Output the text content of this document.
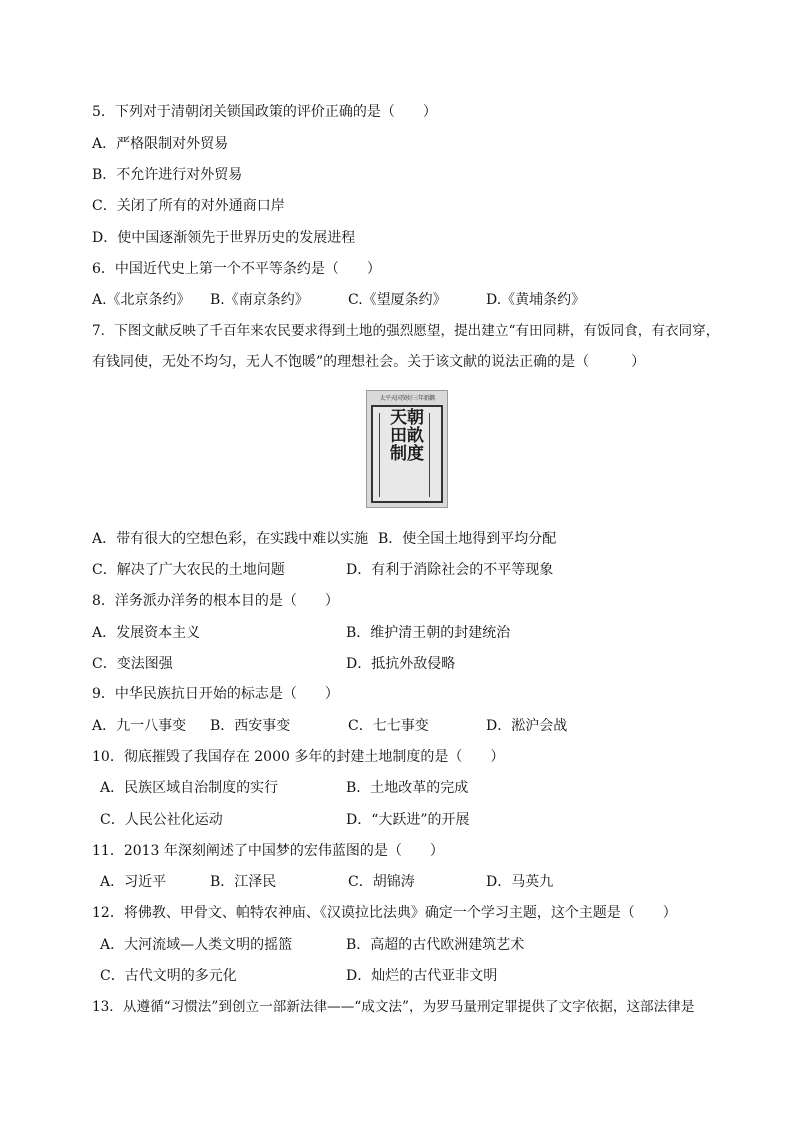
5．下列对于清朝闭关锁国政策的评价正确的是（　　）
A．严格限制对外贸易
B．不允许进行对外贸易
C．关闭了所有的对外通商口岸
D．使中国逐渐领先于世界历史的发展进程
6．中国近代史上第一个不平等条约是（　　）
A.《北京条约》 B.《南京条约》	C.《望厦条约》	D.《黄埔条约》
7．下图文献反映了千百年来农民要求得到土地的强烈愿望，提出建立“有田同耕，有饭同食，有衣同穿，
有钱同使，无处不均匀，无人不饱暖”的理想社会。关于该文献的说法正确的是（　　　）
太平天国癸好三年新鐫
天朝田畝制度
A．带有很大的空想色彩，在实践中难以实施 B．使全国土地得到平均分配
C．解决了广大农民的土地问题	D．有利于消除社会的不平等现象
8．洋务派办洋务的根本目的是（　　）
A．发展资本主义	B．维护清王朝的封建统治
C．变法图强	D．抵抗外敌侵略
9．中华民族抗日开始的标志是（　　）
A．九一八事变 B．西安事变	C．七七事变	D．淞沪会战
10．彻底摧毁了我国存在 2000 多年的封建土地制度的是（　　）
A．民族区域自治制度的实行	B．土地改革的完成
C．人民公社化运动	D．“大跃进”的开展
11．2013 年深刻阐述了中国梦的宏伟蓝图的是（　　）
A．习近平	B．江泽民	C．胡锦涛	D．马英九
12．将佛教、甲骨文、帕特农神庙、《汉谟拉比法典》确定一个学习主题，这个主题是（　　）
A．大河流域—人类文明的摇篮	B．高超的古代欧洲建筑艺术
C．古代文明的多元化	D．灿烂的古代亚非文明
13．从遵循“习惯法”到创立一部新法律——“成文法”，为罗马量刑定罪提供了文字依据，这部法律是
